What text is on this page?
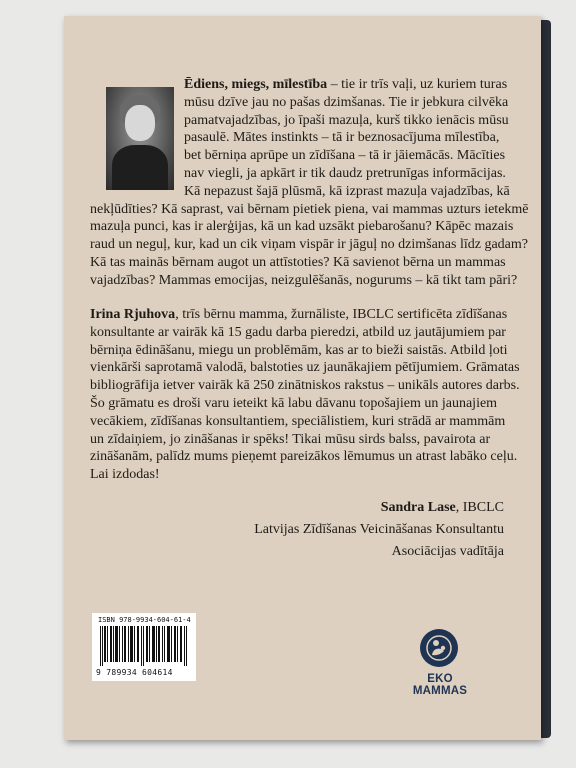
Ēdiens, miegs, mīlestība – tie ir trīs vaļi, uz kuriem turas
mūsu dzīve jau no pašas dzimšanas. Tie ir jebkura cilvēka
pamatvajadzības, jo īpaši mazuļa, kurš tikko ienācis mūsu
pasaulē. Mātes instinkts – tā ir beznosacījuma mīlestība,
bet bērniņa aprūpe un zīdīšana – tā ir jāiemācās. Mācīties
nav viegli, ja apkārt ir tik daudz pretrunīgas informācijas.
Kā nepazust šajā plūsmā, kā izprast mazuļa vajadzības, kā
nekļūdīties? Kā saprast, vai bērnam pietiek piena, vai mammas uzturs ietekmē
mazuļa punci, kas ir alerģijas, kā un kad uzsākt piebarošanu? Kāpēc mazais
raud un neguļ, kur, kad un cik viņam vispār ir jāguļ no dzimšanas līdz gadam?
Kā tas mainās bērnam augot un attīstoties? Kā savienot bērna un mammas
vajadzības? Mammas emocijas, neizgulēšanās, nogurums – kā tikt tam pāri?
Irina Rjuhova, trīs bērnu mamma, žurnāliste, IBCLC sertificēta zīdīšanas
konsultante ar vairāk kā 15 gadu darba pieredzi, atbild uz jautājumiem par
bērniņa ēdināšanu, miegu un problēmām, kas ar to bieži saistās. Atbild ļoti
vienkārši saprotamā valodā, balstoties uz jaunākajiem pētījumiem. Grāmatas
bibliogrāfija ietver vairāk kā 250 zinātniskos rakstus – unikāls autores darbs.
Šo grāmatu es droši varu ieteikt kā labu dāvanu topošajiem un jaunajiem
vecākiem, zīdīšanas konsultantiem, speciālistiem, kuri strādā ar mammām
un zīdaiņiem, jo zināšanas ir spēks! Tikai mūsu sirds balss, pavairota ar
zināšanām, palīdz mums pieņemt pareizākos lēmumus un atrast labāko ceļu.
Lai izdodas!
Sandra Lase, IBCLC
Latvijas Zīdīšanas Veicināšanas Konsultantu
Asociācijas vadītāja
ISBN 978-9934-604-61-4
9 789934 604614
EKO MAMMAS
